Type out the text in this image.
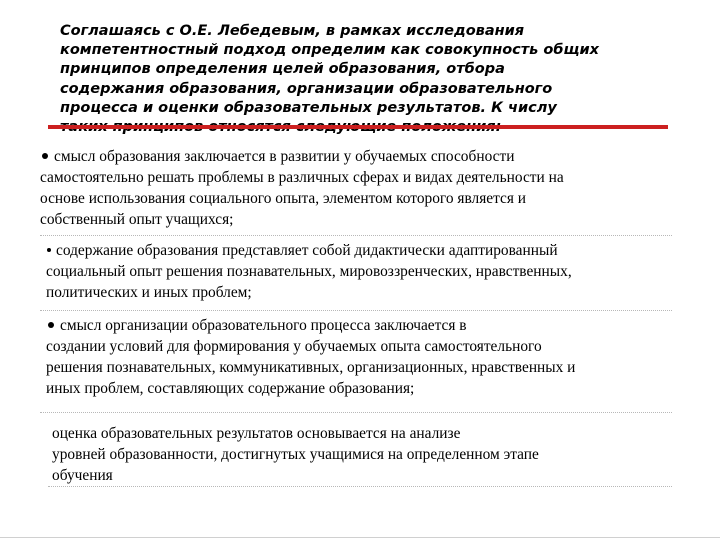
Соглашаясь с О.Е. Лебедевым, в рамках исследования
компетентностный подход определим как совокупность общих
принципов определения целей образования, отбора
содержания образования, организации образовательного
процесса и оценки образовательных результатов. К числу

смысл образования заключается в развитии у обучаемых способности

самостоятельно решать проблемы в различных сферах и видах деятельности на

основе использования социального опыта, элементом которого является и

собственный опыт учащихся;

содержание образования представляет собой дидактически адаптированный

социальный опыт решения познавательных, мировоззренческих, нравственных,

политических и иных проблем;

смысл организации образовательного процесса заключается в

создании условий для формирования у обучаемых опыта самостоятельного

решения познавательных, коммуникативных, организационных, нравственных и

иных проблем, составляющих содержание образования;

оценка образовательных результатов основывается на анализе

уровней образованности, достигнутых учащимися на определенном этапе

обучения
